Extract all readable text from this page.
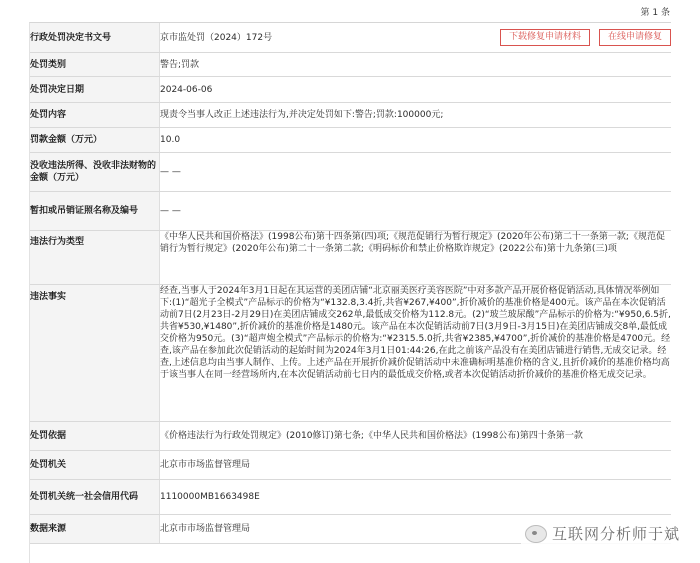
第 1 条
行政处罚决定书文号	京市监处罚（2024）172号 下载修复申请材料 在线申请修复

处罚类别	警告;罚款

处罚决定日期	2024-06-06

处罚内容	现责令当事人改正上述违法行为,并决定处罚如下:警告;罚款:100000元;

罚款金额（万元）	10.0

没收违法所得、没收非法财物的金额（万元）	— —

暂扣或吊销证照名称及编号	— —

违法行为类型	《中华人民共和国价格法》(1998公布)第十四条第(四)项;《规范促销行为暂行规定》(2020年公布)第二十一条第一款;《规范促销行为暂行规定》(2020年公布)第二十一条第二款;《明码标价和禁止价格欺诈规定》(2022公布)第十九条第(三)项

违法事实	经查,当事人于2024年3月1日起在其运营的美团店铺“北京丽美医疗美容医院”中对多款产品开展价格促销活动,具体情况举例如下:(1)“超光子全模式”产品标示的价格为“¥132.8,3.4折,共省¥267,¥400”,折价减价的基准价格是400元。该产品在本次促销活动前7日(2月23日-2月29日)在美团店铺成交262单,最低成交价格为112.8元。(2)“玻兰玻尿酸”产品标示的价格为:“¥950,6.5折,共省¥530,¥1480”,折价减价的基准价格是1480元。该产品在本次促销活动前7日(3月9日-3月15日)在美团店铺成交8单,最低成交价格为950元。(3)“超声炮全模式”产品标示的价格为:“¥2315.5.0折,共省¥2385,¥4700”,折价减价的基准价格是4700元。经查,该产品在参加此次促销活动的起始时间为2024年3月1日01:44:26,在此之前该产品没有在美团店铺进行销售,无成交记录。经查,上述信息均由当事人制作、上传。上述产品在开展折价减价促销活动中未准确标明基准价格的含义,且折价减价的基准价格均高于该当事人在同一经营场所内,在本次促销活动前七日内的最低成交价格,或者本次促销活动折价减价的基准价格无成交记录。

处罚依据	《价格违法行为行政处罚规定》(2010修订)第七条;《中华人民共和国价格法》(1998公布)第四十条第一款

处罚机关	北京市市场监督管理局

处罚机关统一社会信用代码	1110000MB1663498E

数据来源	北京市市场监督管理局	互联网分析师于斌
